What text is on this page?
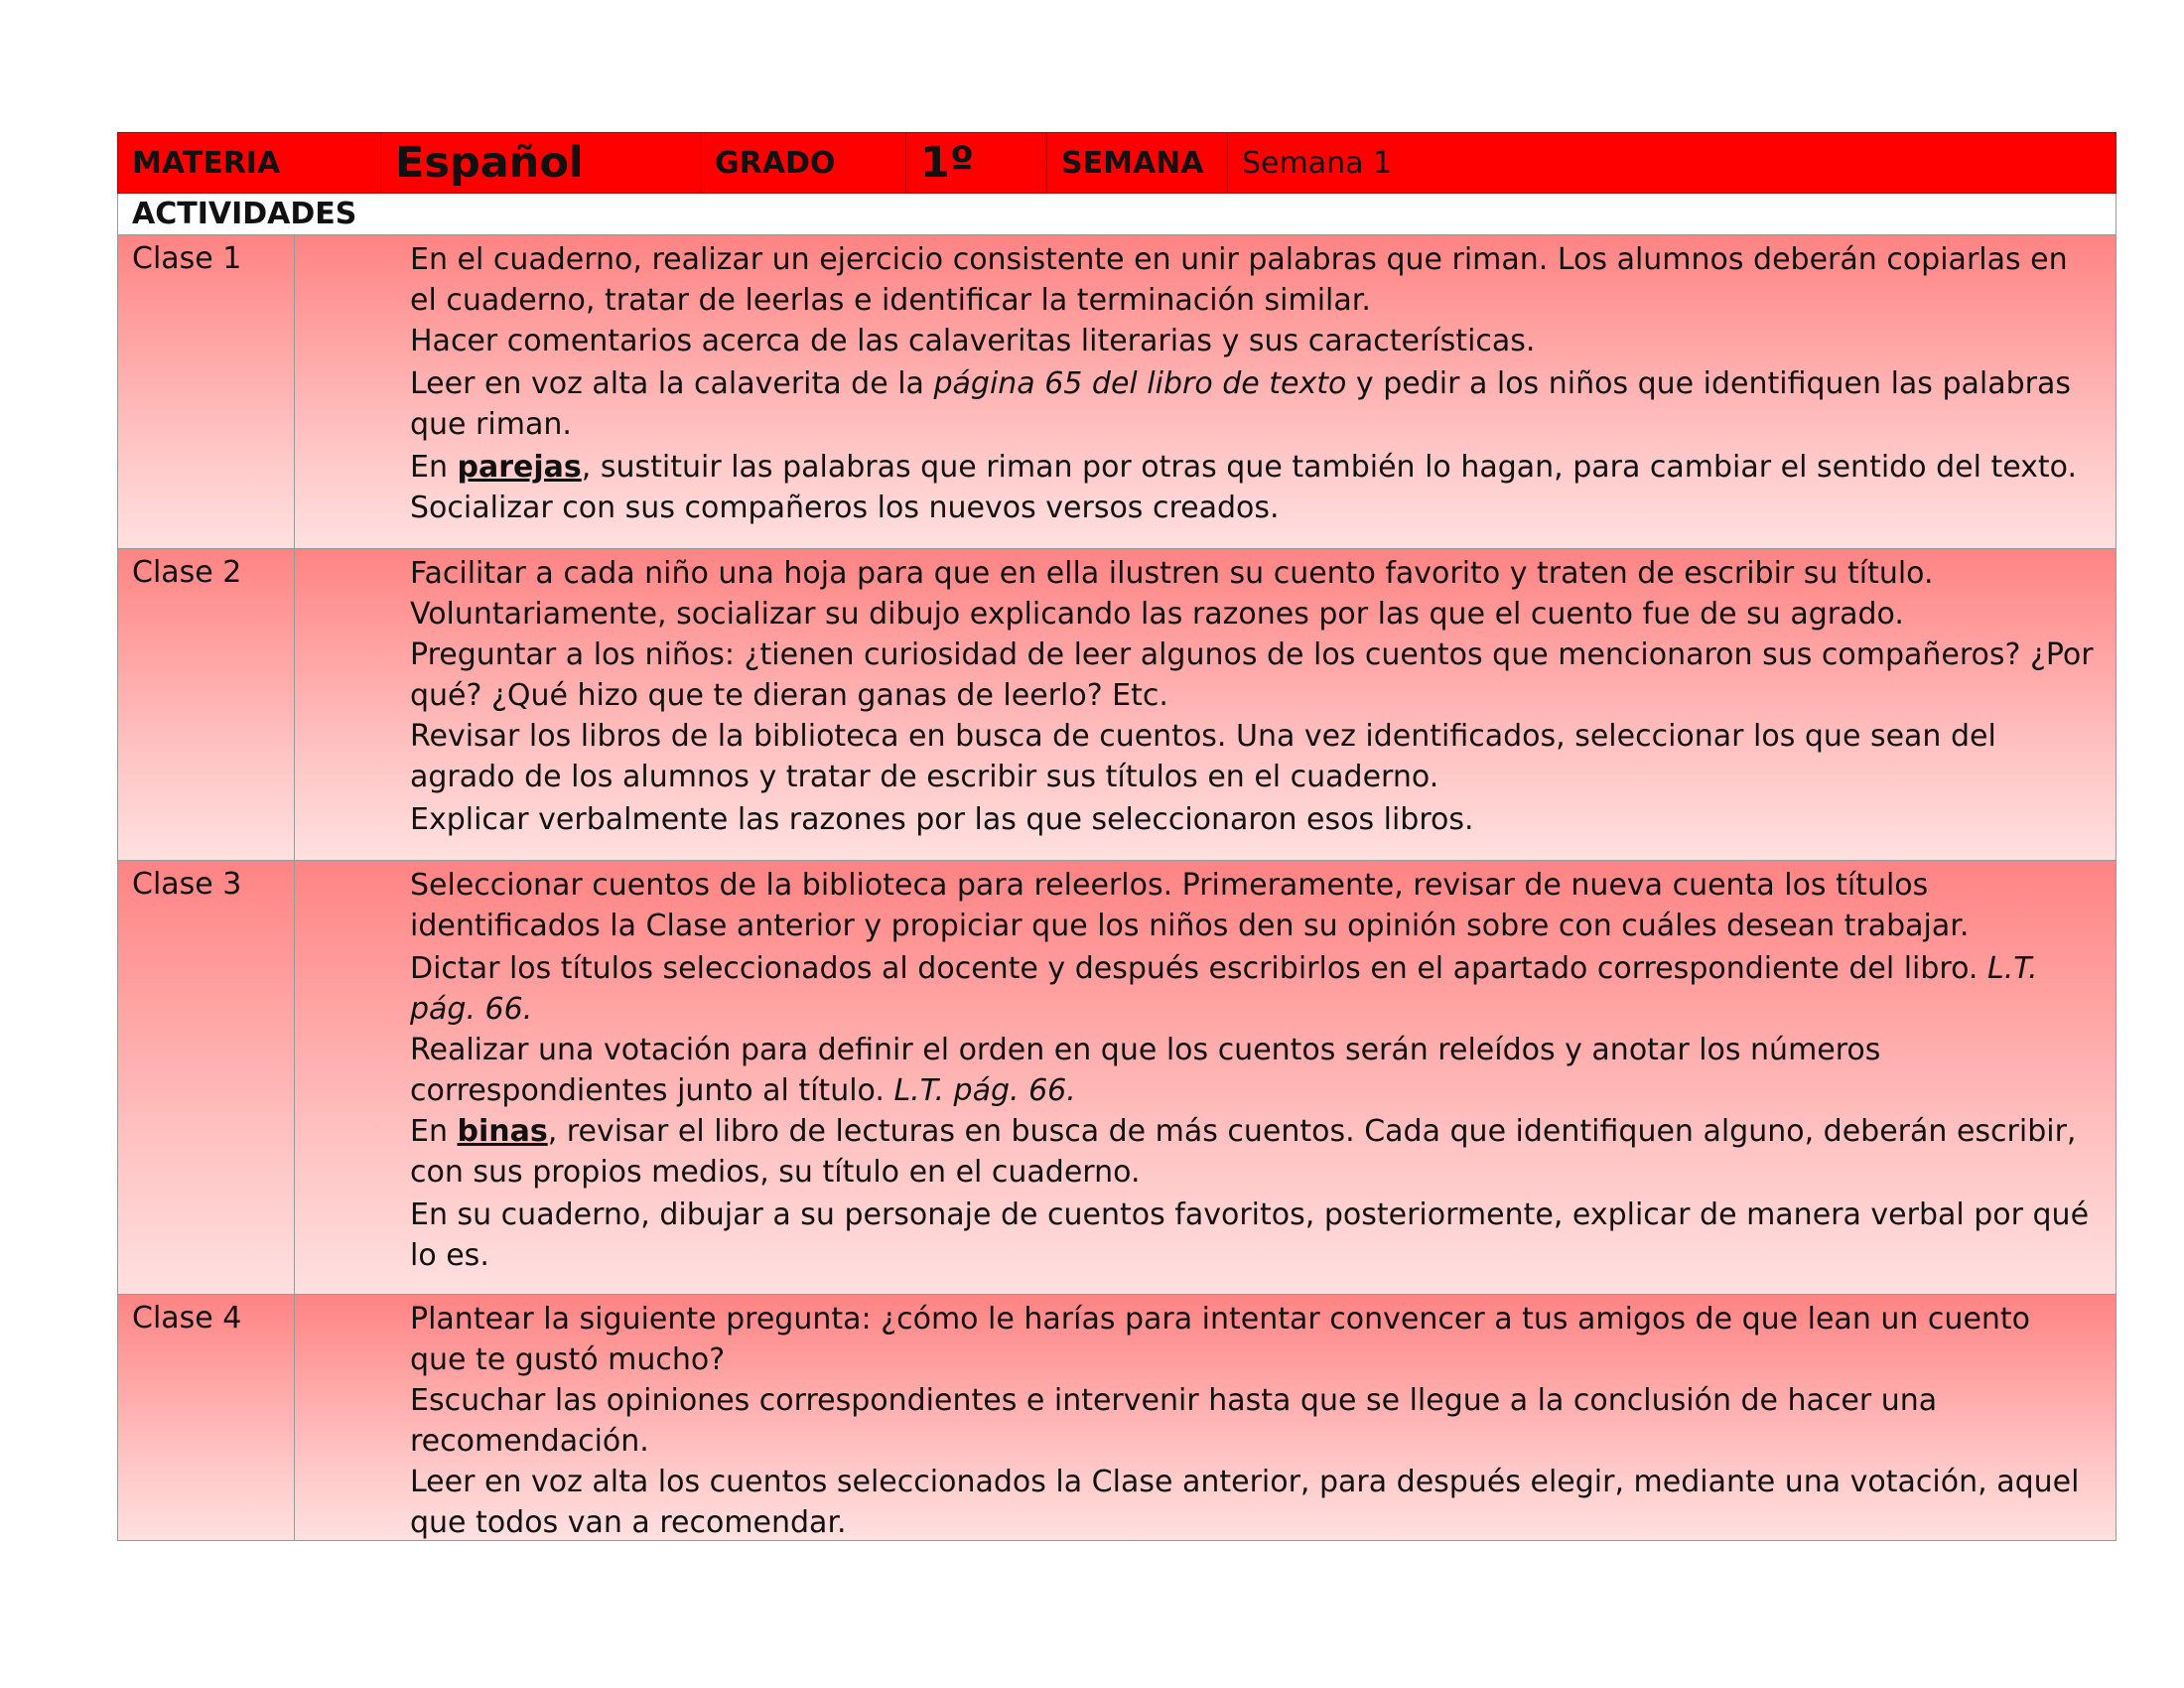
MATERIA	Español	GRADO	1º	SEMANA	Semana 1
ACTIVIDADES
Clase 1	En el cuaderno, realizar un ejercicio consistente en unir palabras que riman. Los alumnos deberán copiarlas en el cuaderno, tratar de leerlas e identificar la terminación similar.

Hacer comentarios acerca de las calaveritas literarias y sus características.

Leer en voz alta la calaverita de la página 65 del libro de texto y pedir a los niños que identifiquen las palabras que riman.

En parejas, sustituir las palabras que riman por otras que también lo hagan, para cambiar el sentido del texto.

Socializar con sus compañeros los nuevos versos creados.

Clase 2	Facilitar a cada niño una hoja para que en ella ilustren su cuento favorito y traten de escribir su título.

Voluntariamente, socializar su dibujo explicando las razones por las que el cuento fue de su agrado.

Preguntar a los niños: ¿tienen curiosidad de leer algunos de los cuentos que mencionaron sus compañeros? ¿Por qué? ¿Qué hizo que te dieran ganas de leerlo? Etc.

Revisar los libros de la biblioteca en busca de cuentos. Una vez identificados, seleccionar los que sean del agrado de los alumnos y tratar de escribir sus títulos en el cuaderno.

Explicar verbalmente las razones por las que seleccionaron esos libros.

Clase 3	Seleccionar cuentos de la biblioteca para releerlos. Primeramente, revisar de nueva cuenta los títulos identificados la Clase anterior y propiciar que los niños den su opinión sobre con cuáles desean trabajar.

Dictar los títulos seleccionados al docente y después escribirlos en el apartado correspondiente del libro. L.T. pág. 66.

Realizar una votación para definir el orden en que los cuentos serán releídos y anotar los números correspondientes junto al título. L.T. pág. 66.

En binas, revisar el libro de lecturas en busca de más cuentos. Cada que identifiquen alguno, deberán escribir, con sus propios medios, su título en el cuaderno.

En su cuaderno, dibujar a su personaje de cuentos favoritos, posteriormente, explicar de manera verbal por qué lo es.

Clase 4	Plantear la siguiente pregunta: ¿cómo le harías para intentar convencer a tus amigos de que lean un cuento que te gustó mucho?

Escuchar las opiniones correspondientes e intervenir hasta que se llegue a la conclusión de hacer una recomendación.

Leer en voz alta los cuentos seleccionados la Clase anterior, para después elegir, mediante una votación, aquel que todos van a recomendar.
